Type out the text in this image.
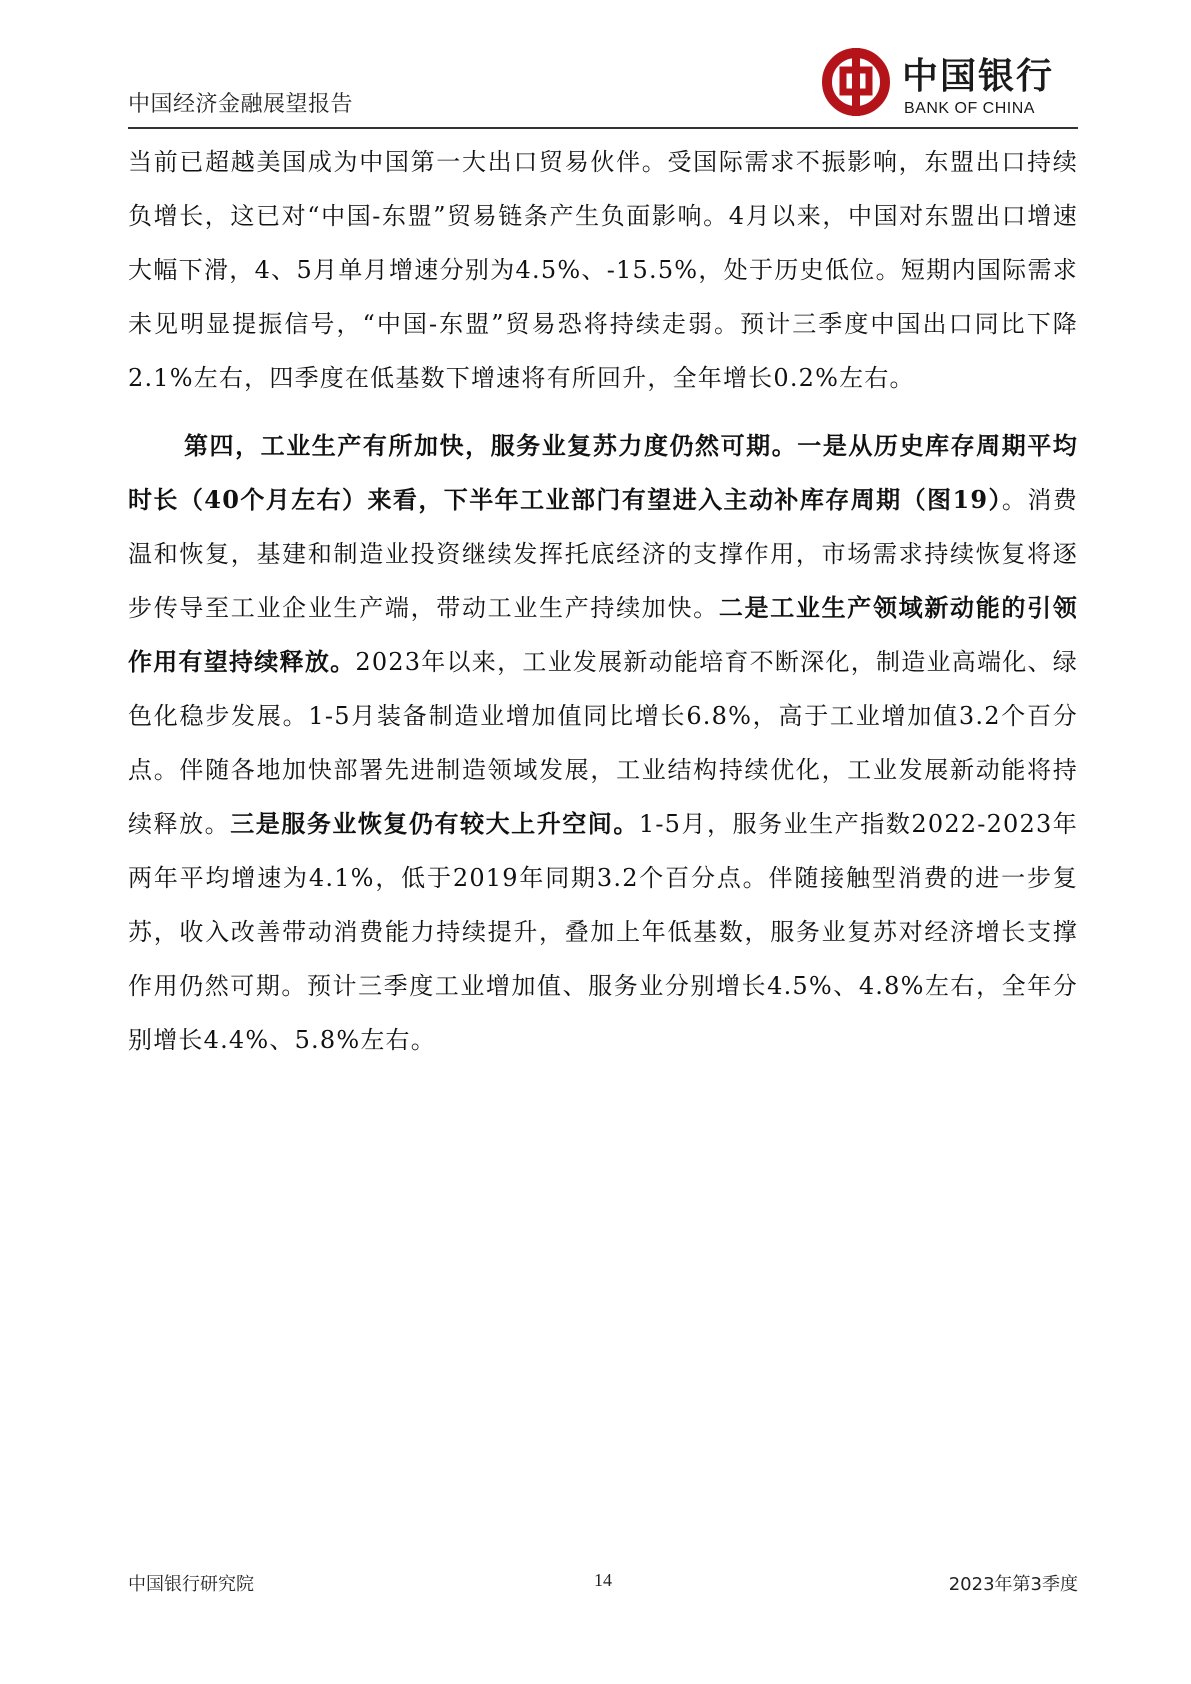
中国经济金融展望报告
中国银行
BANK OF CHINA

当前已超越美国成为中国第一大出口贸易伙伴。受国际需求不振影响，东盟出口持续负增长，这已对“中国-东盟”贸易链条产生负面影响。4月以来，中国对东盟出口增速大幅下滑，4、5月单月增速分别为4.5%、-15.5%，处于历史低位。短期内国际需求未见明显提振信号，“中国-东盟”贸易恐将持续走弱。预计三季度中国出口同比下降2.1%左右，四季度在低基数下增速将有所回升，全年增长0.2%左右。

第四，工业生产有所加快，服务业复苏力度仍然可期。一是从历史库存周期平均时长（40个月左右）来看，下半年工业部门有望进入主动补库存周期（图19）。消费温和恢复，基建和制造业投资继续发挥托底经济的支撑作用，市场需求持续恢复将逐步传导至工业企业生产端，带动工业生产持续加快。二是工业生产领域新动能的引领作用有望持续释放。2023年以来，工业发展新动能培育不断深化，制造业高端化、绿色化稳步发展。1-5月装备制造业增加值同比增长6.8%，高于工业增加值3.2个百分点。伴随各地加快部署先进制造领域发展，工业结构持续优化，工业发展新动能将持续释放。三是服务业恢复仍有较大上升空间。1-5月，服务业生产指数2022-2023年两年平均增速为4.1%，低于2019年同期3.2个百分点。伴随接触型消费的进一步复苏，收入改善带动消费能力持续提升，叠加上年低基数，服务业复苏对经济增长支撑作用仍然可期。预计三季度工业增加值、服务业分别增长4.5%、4.8%左右，全年分别增长4.4%、5.8%左右。

中国银行研究院	14	2023年第3季度
